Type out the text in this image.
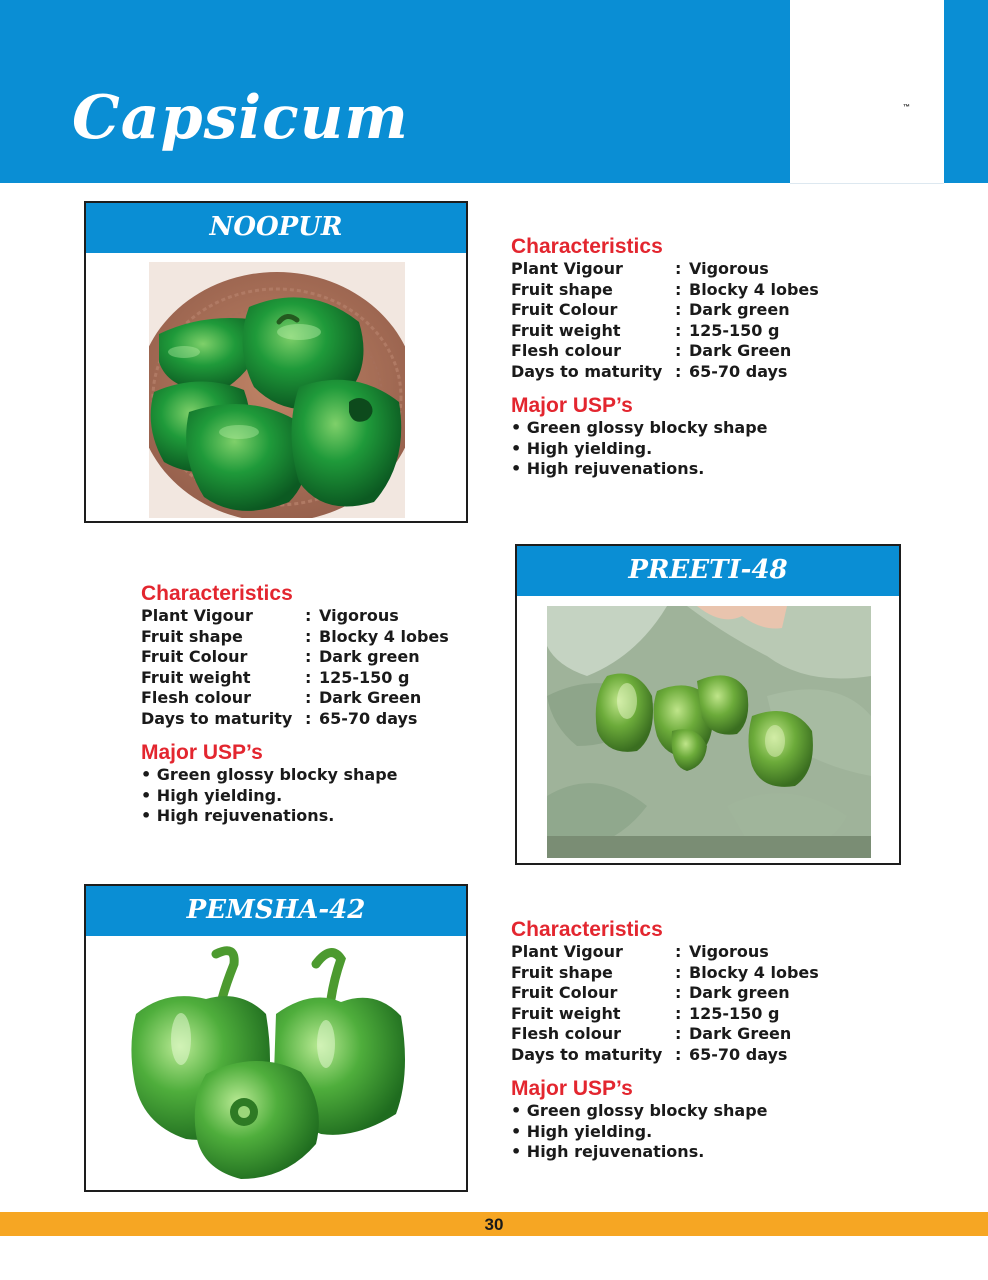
Capsicum	™
NOOPUR
Characteristics
Plant Vigour	: Vigorous
Fruit shape	: Blocky 4 lobes
Fruit Colour	: Dark green
Fruit weight	: 125-150 g
Flesh colour	: Dark Green
Days to maturity : 65-70 days
Major USP’s
• Green glossy blocky shape
• High yielding.
• High rejuvenations.
PREETI-48
Characteristics
Plant Vigour	: Vigorous
Fruit shape	: Blocky 4 lobes
Fruit Colour	: Dark green
Fruit weight	: 125-150 g
Flesh colour	: Dark Green
Days to maturity : 65-70 days
Major USP’s
• Green glossy blocky shape
• High yielding.
• High rejuvenations.
PEMSHA-42
Characteristics
Plant Vigour	: Vigorous
Fruit shape	: Blocky 4 lobes
Fruit Colour	: Dark green
Fruit weight	: 125-150 g
Flesh colour	: Dark Green
Days to maturity : 65-70 days
Major USP’s
• Green glossy blocky shape
• High yielding.
• High rejuvenations.
30
